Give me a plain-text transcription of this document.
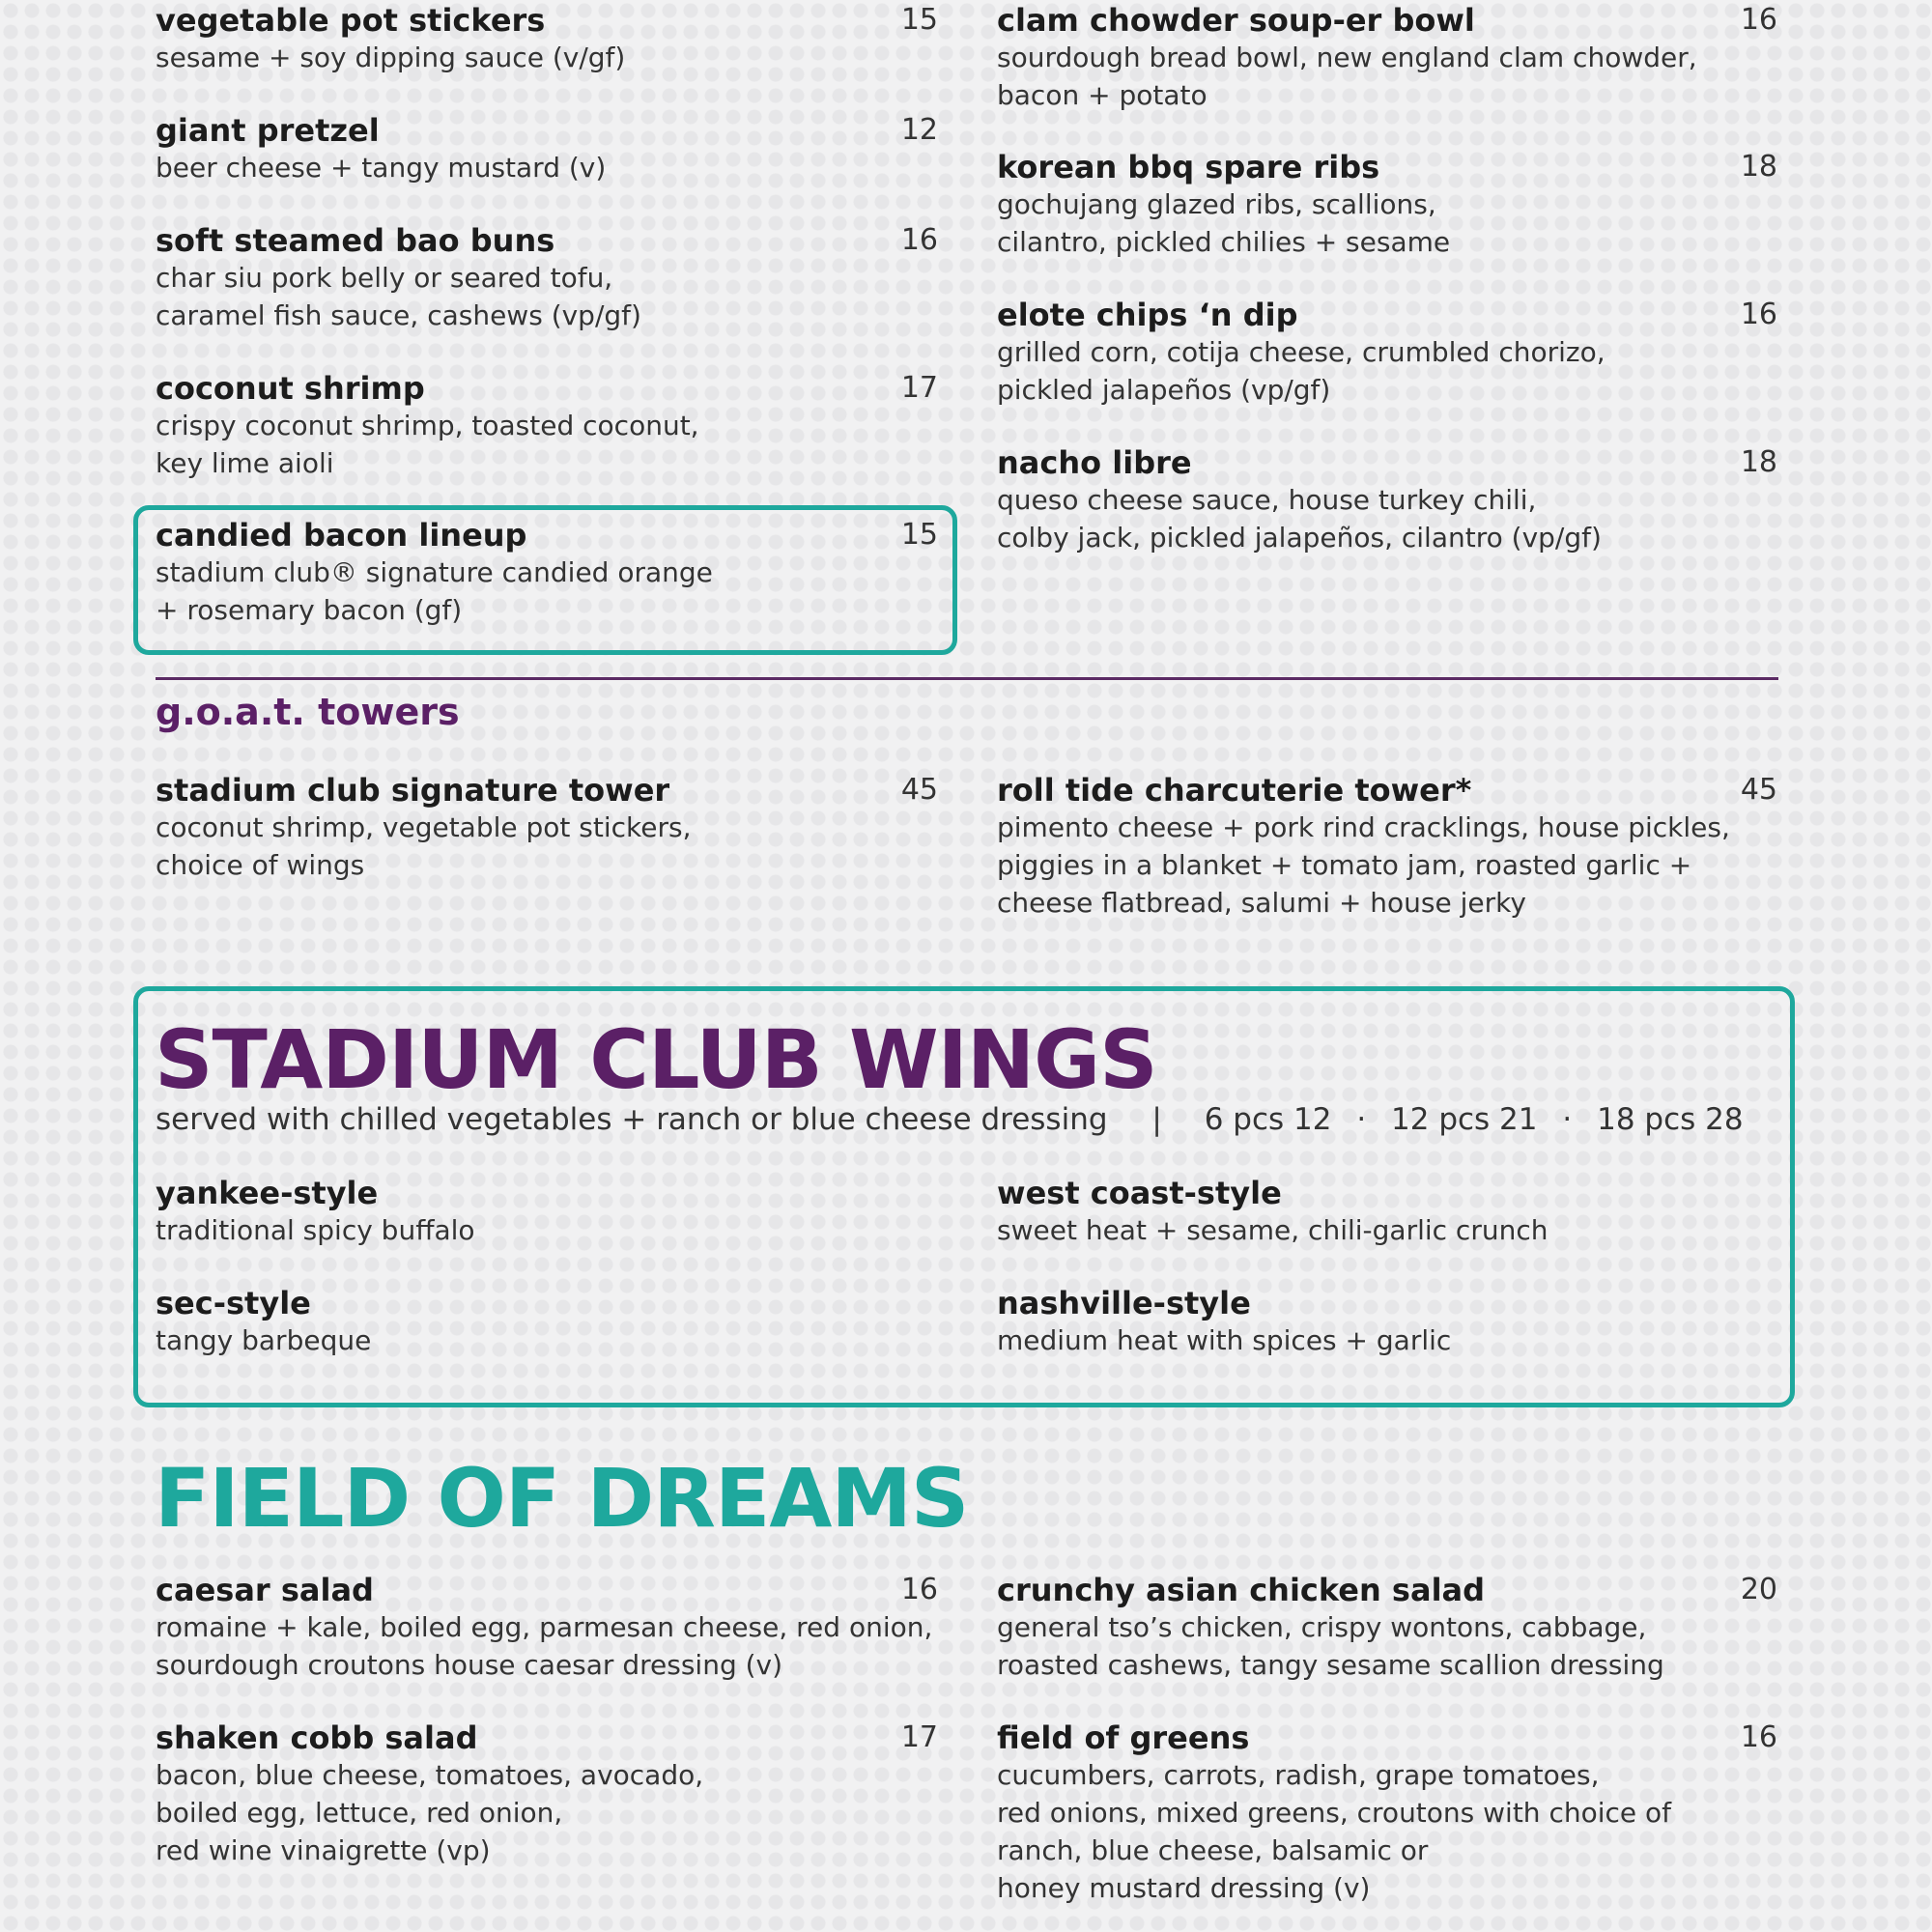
vegetable pot stickers	15
sesame + soy dipping sauce (v/gf)
giant pretzel	12
beer cheese + tangy mustard (v)
soft steamed bao buns	16
char siu pork belly or seared tofu,
caramel fish sauce, cashews (vp/gf)
coconut shrimp	17
crispy coconut shrimp, toasted coconut,
key lime aioli
candied bacon lineup	15
stadium club® signature candied orange
+ rosemary bacon (gf)
clam chowder soup-er bowl	16
sourdough bread bowl, new england clam chowder,
bacon + potato
korean bbq spare ribs	18
gochujang glazed ribs, scallions,
cilantro, pickled chilies + sesame
elote chips ‘n dip	16
grilled corn, cotija cheese, crumbled chorizo,
pickled jalapeños (vp/gf)
nacho libre	18
queso cheese sauce, house turkey chili,
colby jack, pickled jalapeños, cilantro (vp/gf)
g.o.a.t. towers
stadium club signature tower	45
coconut shrimp, vegetable pot stickers,
choice of wings
roll tide charcuterie tower*	45
pimento cheese + pork rind cracklings, house pickles,
piggies in a blanket + tomato jam, roasted garlic +
cheese flatbread, salumi + house jerky
STADIUM CLUB WINGS
served with chilled vegetables + ranch or blue cheese dressing | 6 pcs 12 · 12 pcs 21 · 18 pcs 28
yankee-style
traditional spicy buffalo
west coast-style
sweet heat + sesame, chili-garlic crunch
sec-style
tangy barbeque
nashville-style
medium heat with spices + garlic
FIELD OF DREAMS
caesar salad	16
romaine + kale, boiled egg, parmesan cheese, red onion,
sourdough croutons house caesar dressing (v)
shaken cobb salad	17
bacon, blue cheese, tomatoes, avocado,
boiled egg, lettuce, red onion,
red wine vinaigrette (vp)
crunchy asian chicken salad	20
general tso’s chicken, crispy wontons, cabbage,
roasted cashews, tangy sesame scallion dressing
field of greens	16
cucumbers, carrots, radish, grape tomatoes,
red onions, mixed greens, croutons with choice of
ranch, blue cheese, balsamic or
honey mustard dressing (v)
